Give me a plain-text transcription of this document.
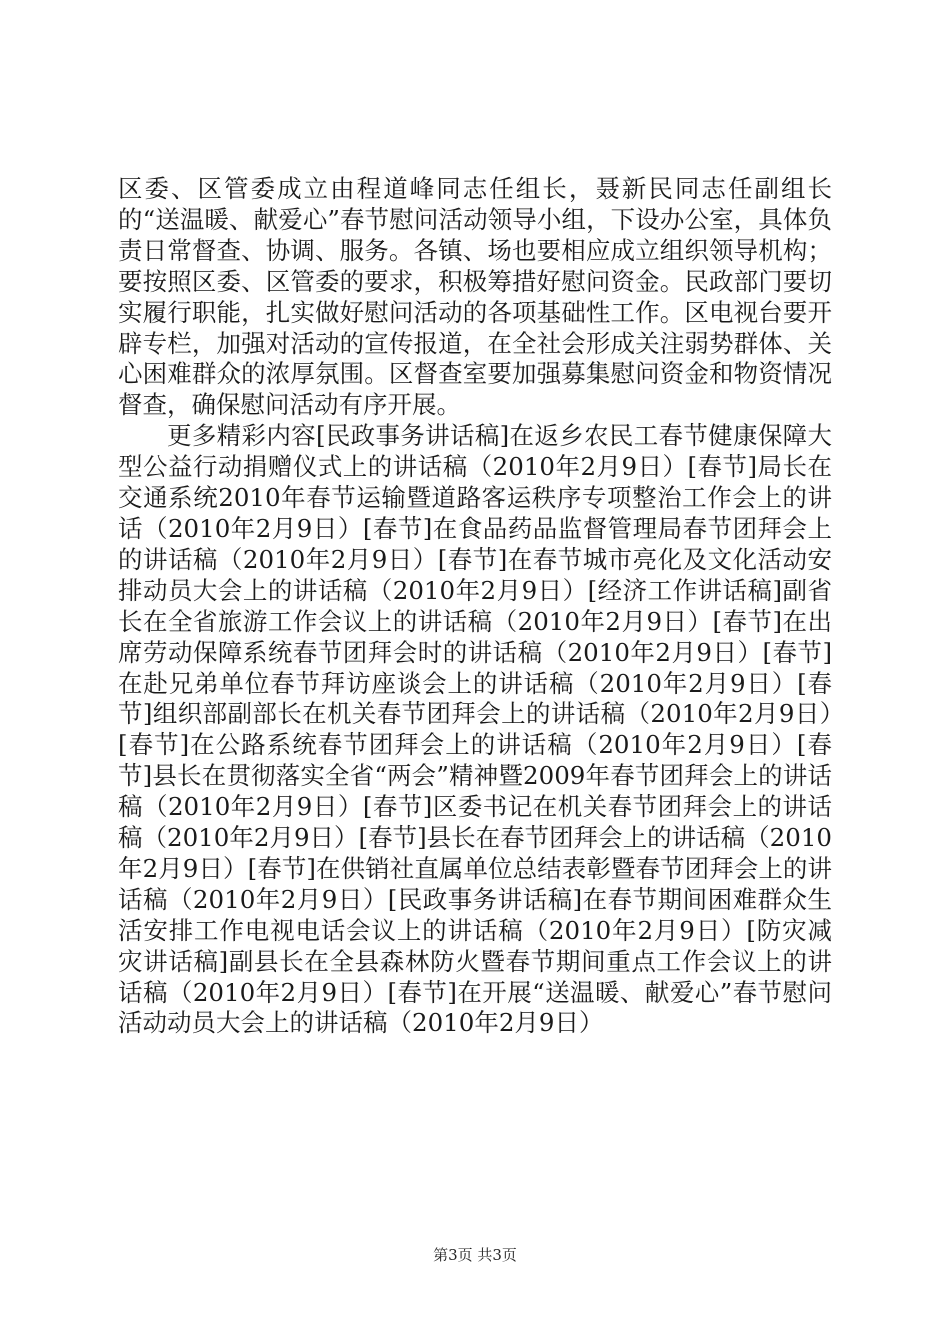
区委、区管委成立由程道峰同志任组长，聂新民同志任副组长的“送温暖、献爱心”春节慰问活动领导小组，下设办公室，具体负责日常督查、协调、服务。各镇、场也要相应成立组织领导机构；要按照区委、区管委的要求，积极筹措好慰问资金。民政部门要切实履行职能，扎实做好慰问活动的各项基础性工作。区电视台要开辟专栏，加强对活动的宣传报道，在全社会形成关注弱势群体、关心困难群众的浓厚氛围。区督查室要加强募集慰问资金和物资情况督查，确保慰问活动有序开展。

更多精彩内容[民政事务讲话稿]在返乡农民工春节健康保障大型公益行动捐赠仪式上的讲话稿（2010年2月9日）[春节]局长在交通系统2010年春节运输暨道路客运秩序专项整治工作会上的讲话（2010年2月9日）[春节]在食品药品监督管理局春节团拜会上的讲话稿（2010年2月9日）[春节]在春节城市亮化及文化活动安排动员大会上的讲话稿（2010年2月9日）[经济工作讲话稿]副省长在全省旅游工作会议上的讲话稿（2010年2月9日）[春节]在出席劳动保障系统春节团拜会时的讲话稿（2010年2月9日）[春节]在赴兄弟单位春节拜访座谈会上的讲话稿（2010年2月9日）[春节]组织部副部长在机关春节团拜会上的讲话稿（2010年2月9日）[春节]在公路系统春节团拜会上的讲话稿（2010年2月9日）[春节]县长在贯彻落实全省“两会”精神暨2009年春节团拜会上的讲话稿（2010年2月9日）[春节]区委书记在机关春节团拜会上的讲话稿（2010年2月9日）[春节]县长在春节团拜会上的讲话稿（2010年2月9日）[春节]在供销社直属单位总结表彰暨春节团拜会上的讲话稿（2010年2月9日）[民政事务讲话稿]在春节期间困难群众生活安排工作电视电话会议上的讲话稿（2010年2月9日）[防灾减灾讲话稿]副县长在全县森林防火暨春节期间重点工作会议上的讲话稿（2010年2月9日）[春节]在开展“送温暖、献爱心”春节慰问活动动员大会上的讲话稿（2010年2月9日）

第3页 共3页
